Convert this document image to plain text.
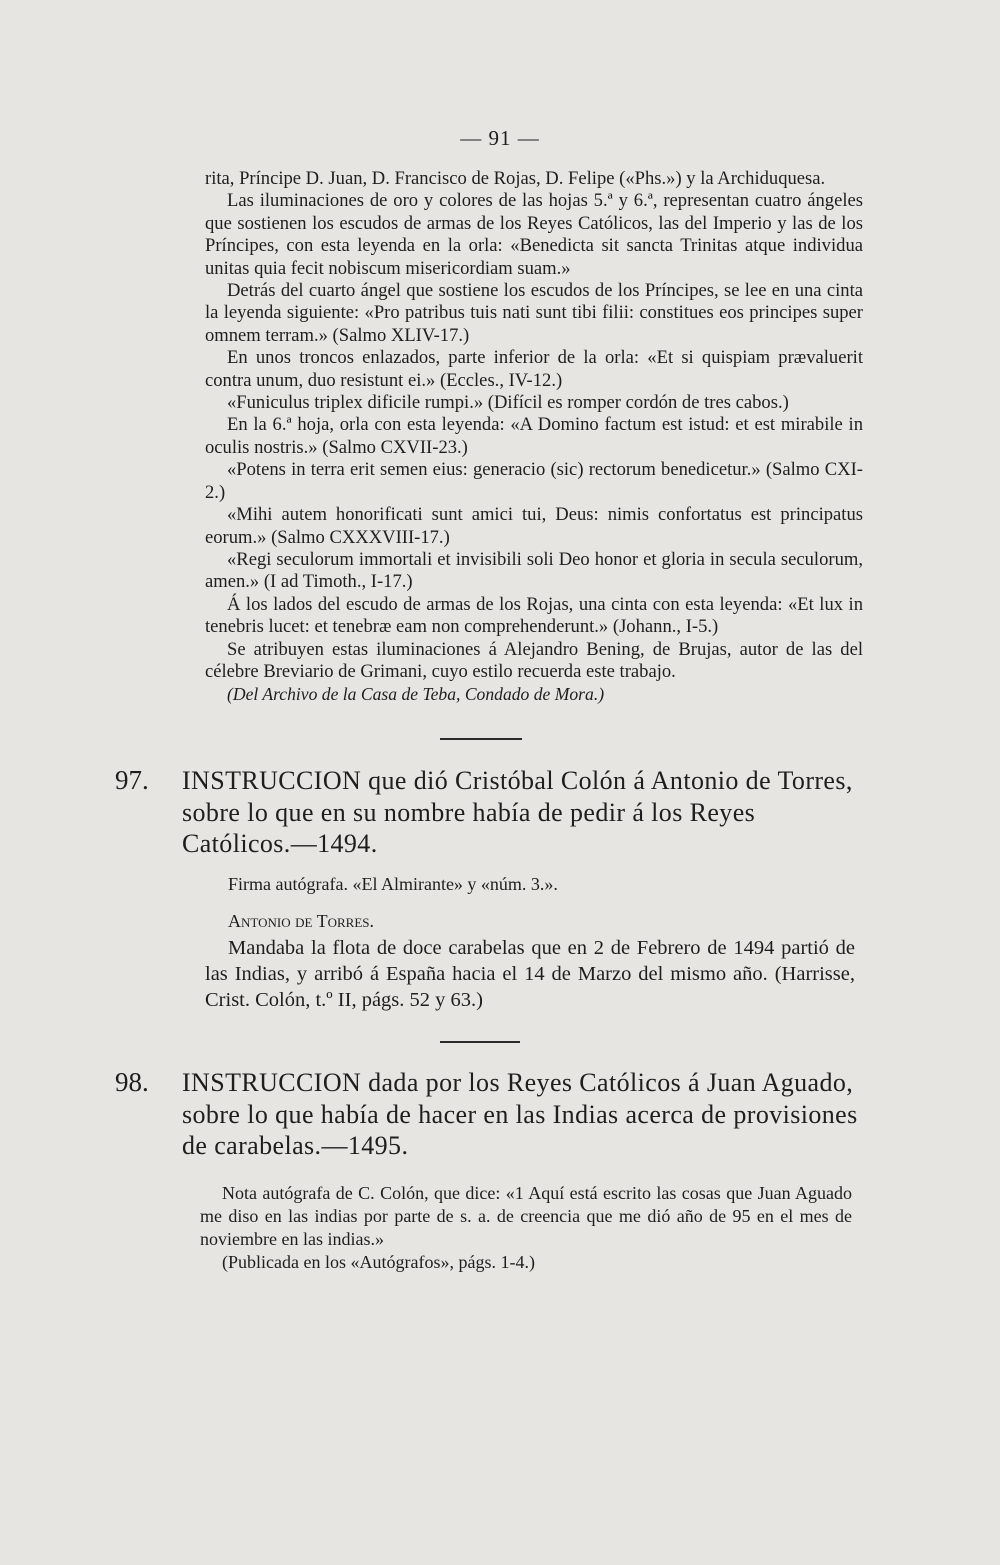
— 91 —
rita, Príncipe D. Juan, D. Francisco de Rojas, D. Felipe («Phs.») y la Archiduquesa.
Las iluminaciones de oro y colores de las hojas 5.ª y 6.ª, representan cuatro ángeles que sostienen los escudos de armas de los Reyes Católicos, las del Imperio y las de los Príncipes, con esta leyenda en la orla: «Benedicta sit sancta Trinitas atque individua unitas quia fecit nobiscum misericordiam suam.»
Detrás del cuarto ángel que sostiene los escudos de los Príncipes, se lee en una cinta la leyenda siguiente: «Pro patribus tuis nati sunt tibi filii: constitues eos principes super omnem terram.» (Salmo XLIV-17.)
En unos troncos enlazados, parte inferior de la orla: «Et si quispiam prævaluerit contra unum, duo resistunt ei.» (Eccles., IV-12.)
«Funiculus triplex dificile rumpi.» (Difícil es romper cordón de tres cabos.)
En la 6.ª hoja, orla con esta leyenda: «A Domino factum est istud: et est mirabile in oculis nostris.» (Salmo CXVII-23.)
«Potens in terra erit semen eius: generacio (sic) rectorum benedicetur.» (Salmo CXI-2.)
«Mihi autem honorificati sunt amici tui, Deus: nimis confortatus est principatus eorum.» (Salmo CXXXVIII-17.)
«Regi seculorum immortali et invisibili soli Deo honor et gloria in secula seculorum, amen.» (I ad Timoth., I-17.)
Á los lados del escudo de armas de los Rojas, una cinta con esta leyenda: «Et lux in tenebris lucet: et tenebræ eam non comprehenderunt.» (Johann., I-5.)
Se atribuyen estas iluminaciones á Alejandro Bening, de Brujas, autor de las del célebre Breviario de Grimani, cuyo estilo recuerda este trabajo.
(Del Archivo de la Casa de Teba, Condado de Mora.)
97. INSTRUCCION que dió Cristóbal Colón á Antonio de Torres, sobre lo que en su nombre había de pedir á los Reyes Católicos.—1494.
Firma autógrafa. «El Almirante» y «núm. 3.».
Antonio de Torres.
Mandaba la flota de doce carabelas que en 2 de Febrero de 1494 partió de las Indias, y arribó á España hacia el 14 de Marzo del mismo año. (Harrisse, Crist. Colón, t.º II, págs. 52 y 63.)
98. INSTRUCCION dada por los Reyes Católicos á Juan Aguado, sobre lo que había de hacer en las Indias acerca de provisiones de carabelas.—1495.
Nota autógrafa de C. Colón, que dice: «1 Aquí está escrito las cosas que Juan Aguado me diso en las indias por parte de s. a. de creencia que me dió año de 95 en el mes de noviembre en las indias.»
(Publicada en los «Autógrafos», págs. 1-4.)
